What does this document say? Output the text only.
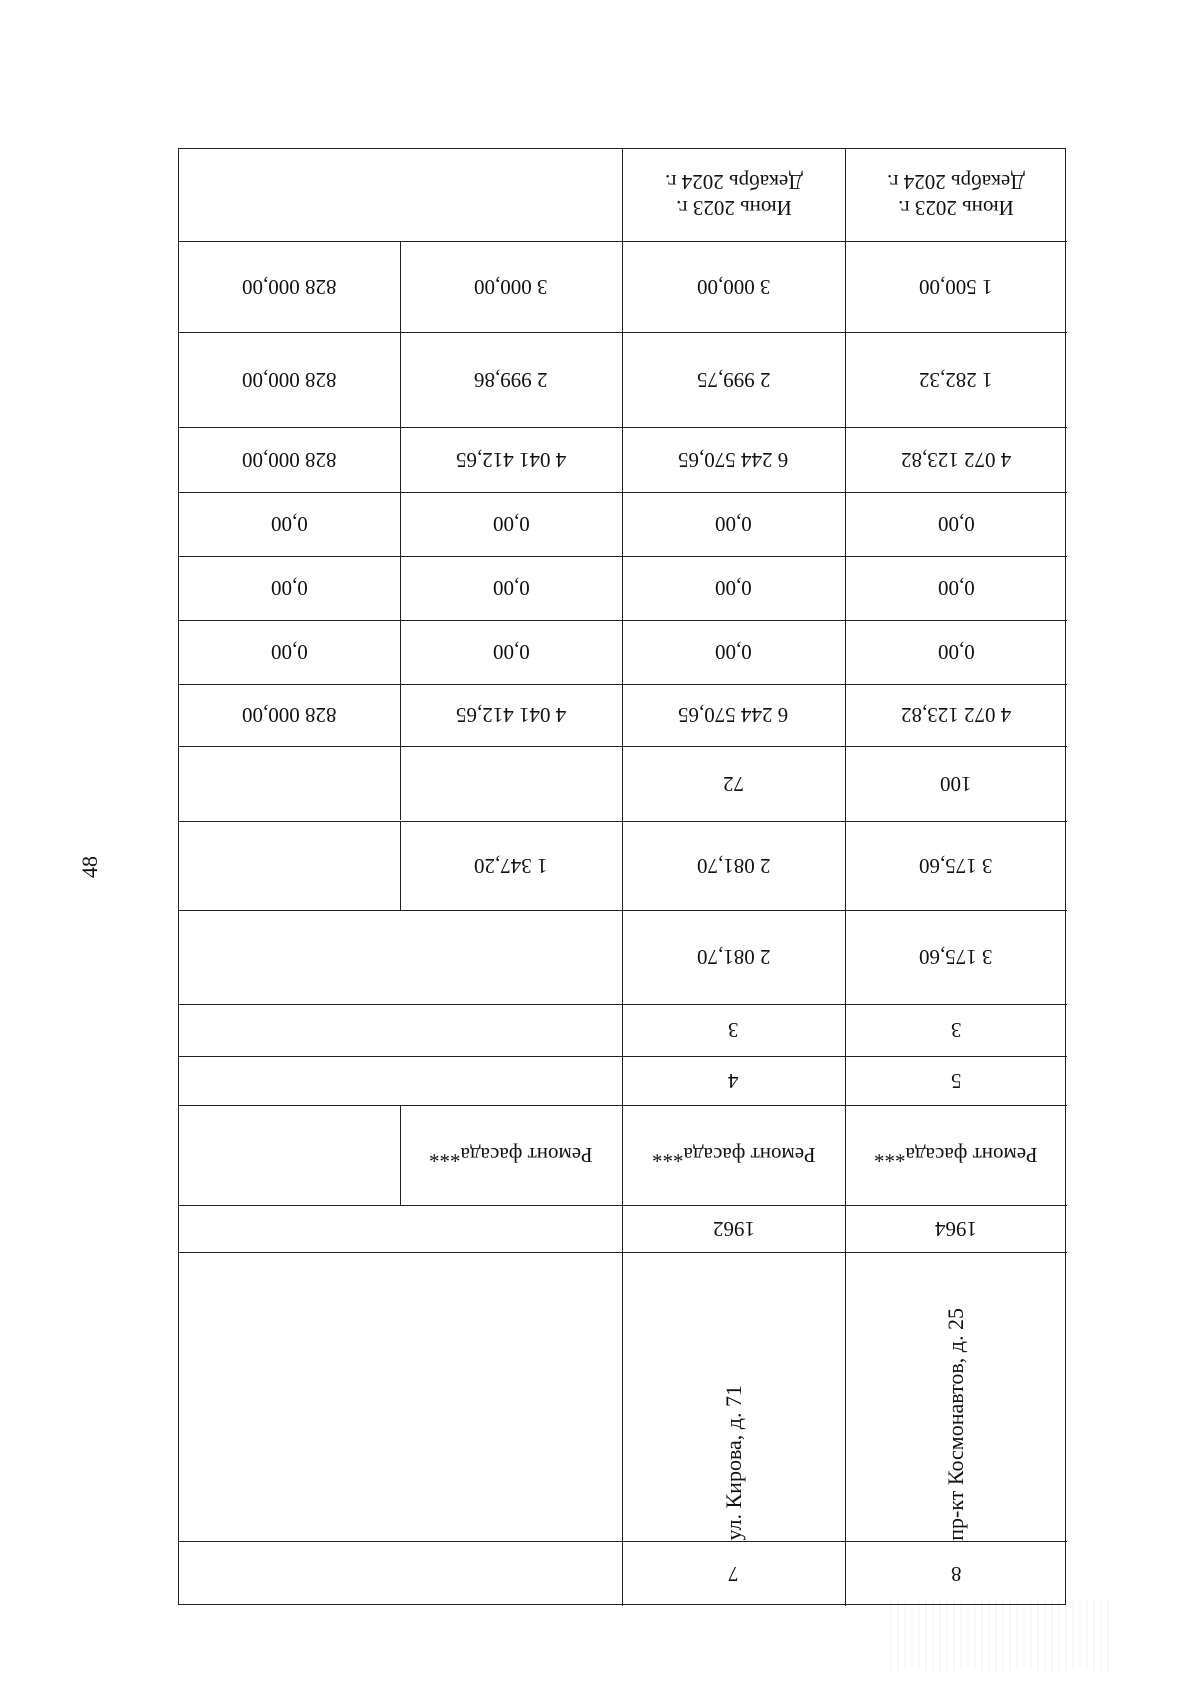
48
Июнь 2023 г.
Декабрь 2024 г.
Июнь 2023 г.
Декабрь 2024 г.
1 500,00
3 000,00
3 000,00
828 000,00
1 282,32
2 999,75
2 999,86
828 000,00
4 072 123,82
6 244 570,65
4 041 412,65
828 000,00
0,00
0,00
0,00
0,00
0,00
0,00
0,00
0,00
0,00
0,00
0,00
0,00
4 072 123,82
6 244 570,65
4 041 412,65
828 000,00
100
72
3 175,60
2 081,70
1 347,20
3 175,60
2 081,70
3
3
5
4
Ремонт фасада***
Ремонт фасада***
Ремонт фасада***
1964
1962
пр-кт Космонавтов, д. 25
ул. Кирова, д. 71
8
7
